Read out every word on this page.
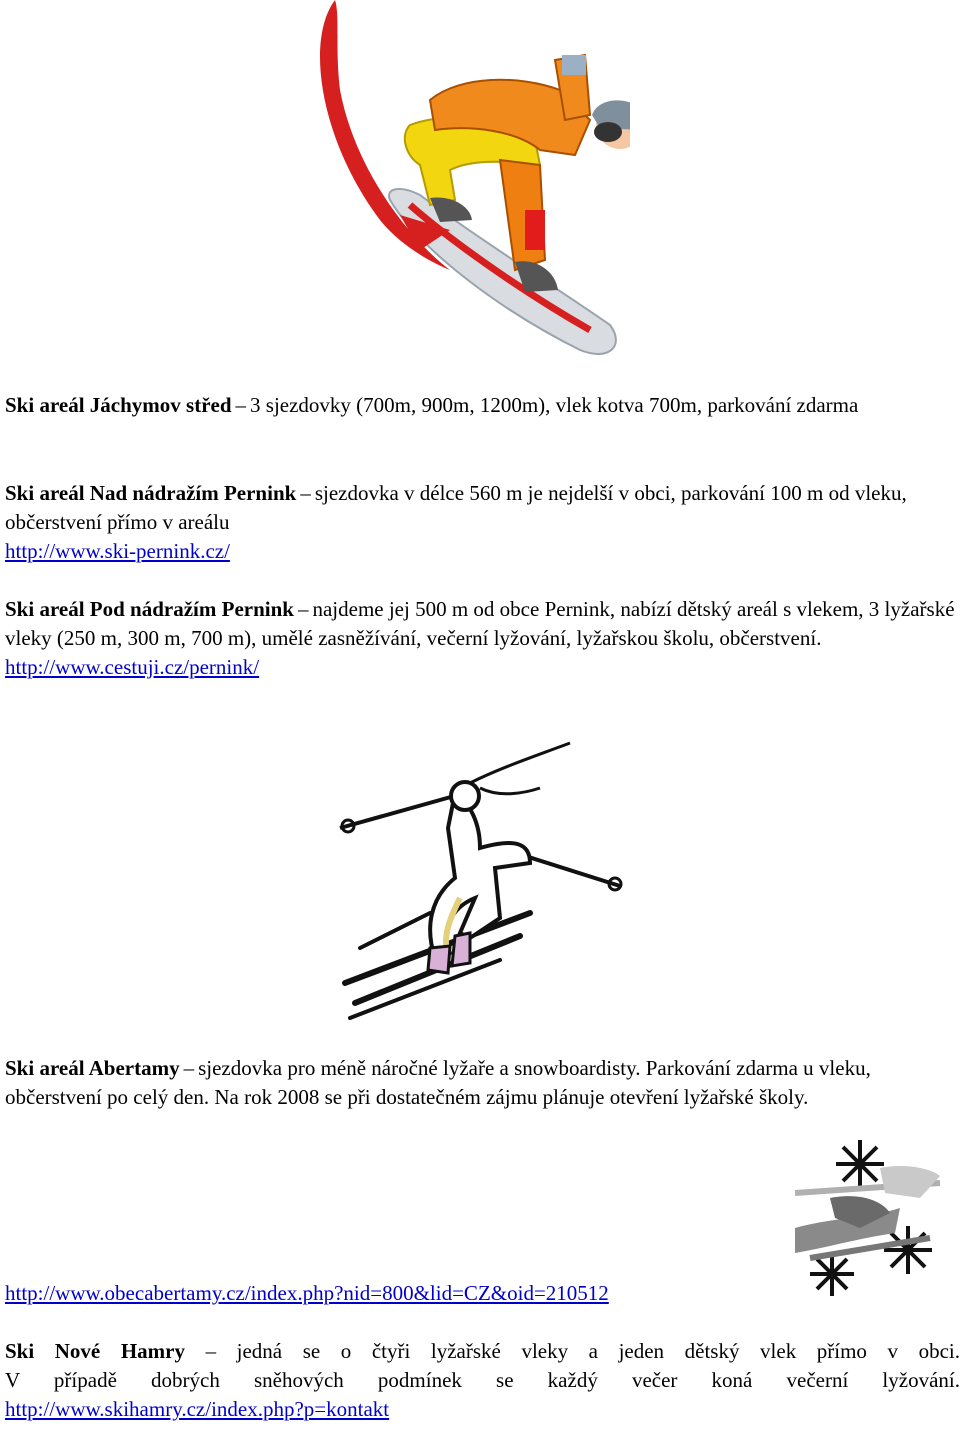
Ski areál Jáchymov střed – 3 sjezdovky (700m, 900m, 1200m), vlek kotva 700m, parkování zdarma
Ski areál Nad nádražím Pernink – sjezdovka v délce 560 m je nejdelší v obci, parkování 100 m od vleku, občerstvení přímo v areálu
http://www.ski-pernink.cz/
Ski areál Pod nádražím Pernink – najdeme jej 500 m od obce Pernink, nabízí dětský areál s vlekem, 3 lyžařské vleky (250 m, 300 m, 700 m), umělé zasněžívání, večerní lyžování, lyžařskou školu, občerstvení.
http://www.cestuji.cz/pernink/
Ski areál Abertamy – sjezdovka pro méně náročné lyžaře a snowboardisty. Parkování zdarma u vleku, občerstvení po celý den. Na rok 2008 se při dostatečném zájmu plánuje otevření lyžařské školy.
http://www.obecabertamy.cz/index.php?nid=800&lid=CZ&oid=210512
Ski Nové Hamry – jedná se o čtyři lyžařské vleky a jeden dětský vlek přímo v obci.
V případě dobrých sněhových podmínek se každý večer koná večerní lyžování.
http://www.skihamry.cz/index.php?p=kontakt
